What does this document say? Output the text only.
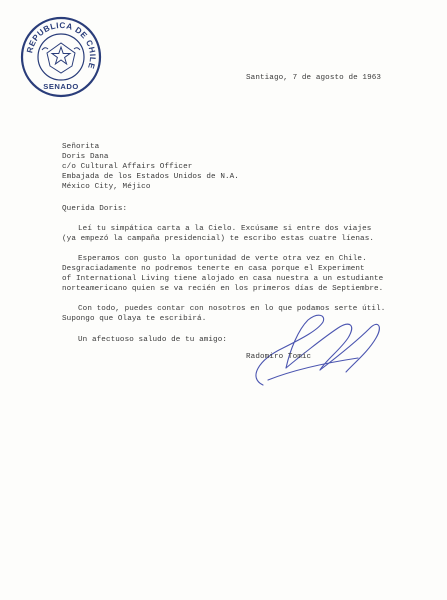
REPUBLICA DE CHILE
SENADO
Santiago, 7 de agosto de 1963
Señorita
Doris Dana
c/o Cultural Affairs Officer
Embajada de los Estados Unidos de N.A.
México City, Méjico
Querida Doris:
Leí tu simpática carta a la Cielo. Excúsame si entre dos viajes
(ya empezó la campaña presidencial) te escribo estas cuatre líenas.
Esperamos con gusto la oportunidad de verte otra vez en Chile.
Desgraciadamente no podremos tenerte en casa porque el Experiment
of International Living tiene alojado en casa nuestra a un estudiante
norteamericano quien se va recién en los primeros días de Septiembre.
Con todo, puedes contar con nosotros en lo que podamos serte útil.
Supongo que Olaya te escribirá.
Un afectuoso saludo de tu amigo:
Radomiro Tomic
